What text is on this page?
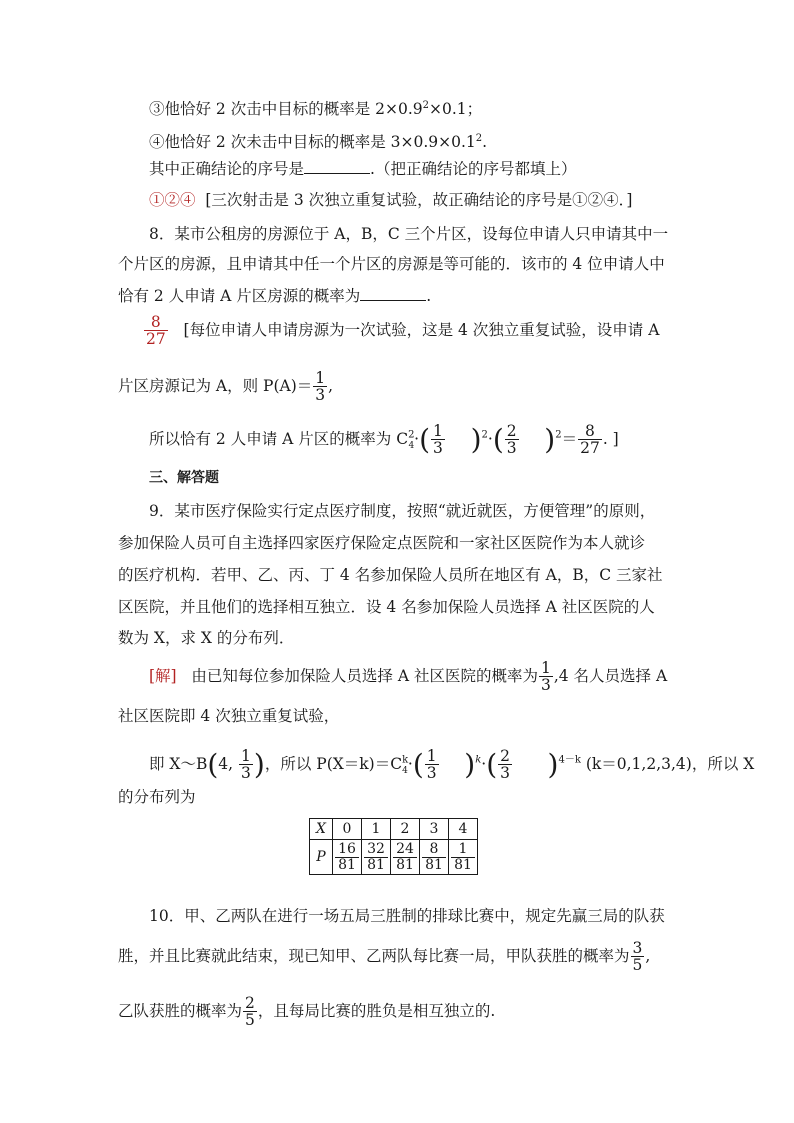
③他恰好 2 次击中目标的概率是 $2\times 0.9^2\times 0.1$；
④他恰好 2 次未击中目标的概率是 $3\times 0.9\times 0.1^2$.
其中正确结论的序号是	.（把正确结论的序号都填上）
①②④ [三次射击是 3 次独立重复试验，故正确结论的序号是①②④．]
8．某市公租房的房源位于 A，B，C 三个片区，设每位申请人只申请其中一
个片区的房源，且申请其中任一个片区的房源是等可能的．该市的 4 位申请人中
恰有 2 人申请 A 片区房源的概率为	.
$\frac{8}{27}$ [每位申请人申请房源为一次试验，这是 4 次独立重复试验，设申请 A
片区房源记为 A，则 $P(A)= \frac{1}{3}$ ,
所以恰有 2 人申请 A 片区的概率为 $C^2_4\cdot( \frac{1}{3} )^2\cdot( \frac{2}{3} )^2= \frac{8}{27}$ . ]
三、解答题
9．某市医疗保险实行定点医疗制度，按照“就近就医，方便管理”的原则，
参加保险人员可自主选择四家医疗保险定点医院和一家社区医院作为本人就诊
的医疗机构．若甲、乙、丙、丁 4 名参加保险人员所在地区有 A，B，C 三家社
区医院，并且他们的选择相互独立．设 4 名参加保险人员选择 A 社区医院的人
数为 X，求 X 的分布列．
[解] 由已知每位参加保险人员选择 A 社区医院的概率为 $\frac{1}{3} ,4$ 名人员选择 A
社区医院即 4 次独立重复试验，
即 X～B(4, $\frac{1}{3}$ )，所以 $P(X=k)=C^k_4\cdot( \frac{1}{3} )^k\cdot( \frac{2}{3} )^{4-k}$ (k＝0,1,2,3,4)，所以 X
的分布列为
X	0	1	2	3	4
P	$\frac{16}{81}$	$\frac{32}{81}$	$\frac{24}{81}$	$\frac{8}{81}$	$\frac{1}{81}$
10．甲、乙两队在进行一场五局三胜制的排球比赛中，规定先赢三局的队获
胜，并且比赛就此结束，现已知甲、乙两队每比赛一局，甲队获胜的概率为 $\frac{3}{5}$ ,
乙队获胜的概率为 $\frac{2}{5}$ ，且每局比赛的胜负是相互独立的.
